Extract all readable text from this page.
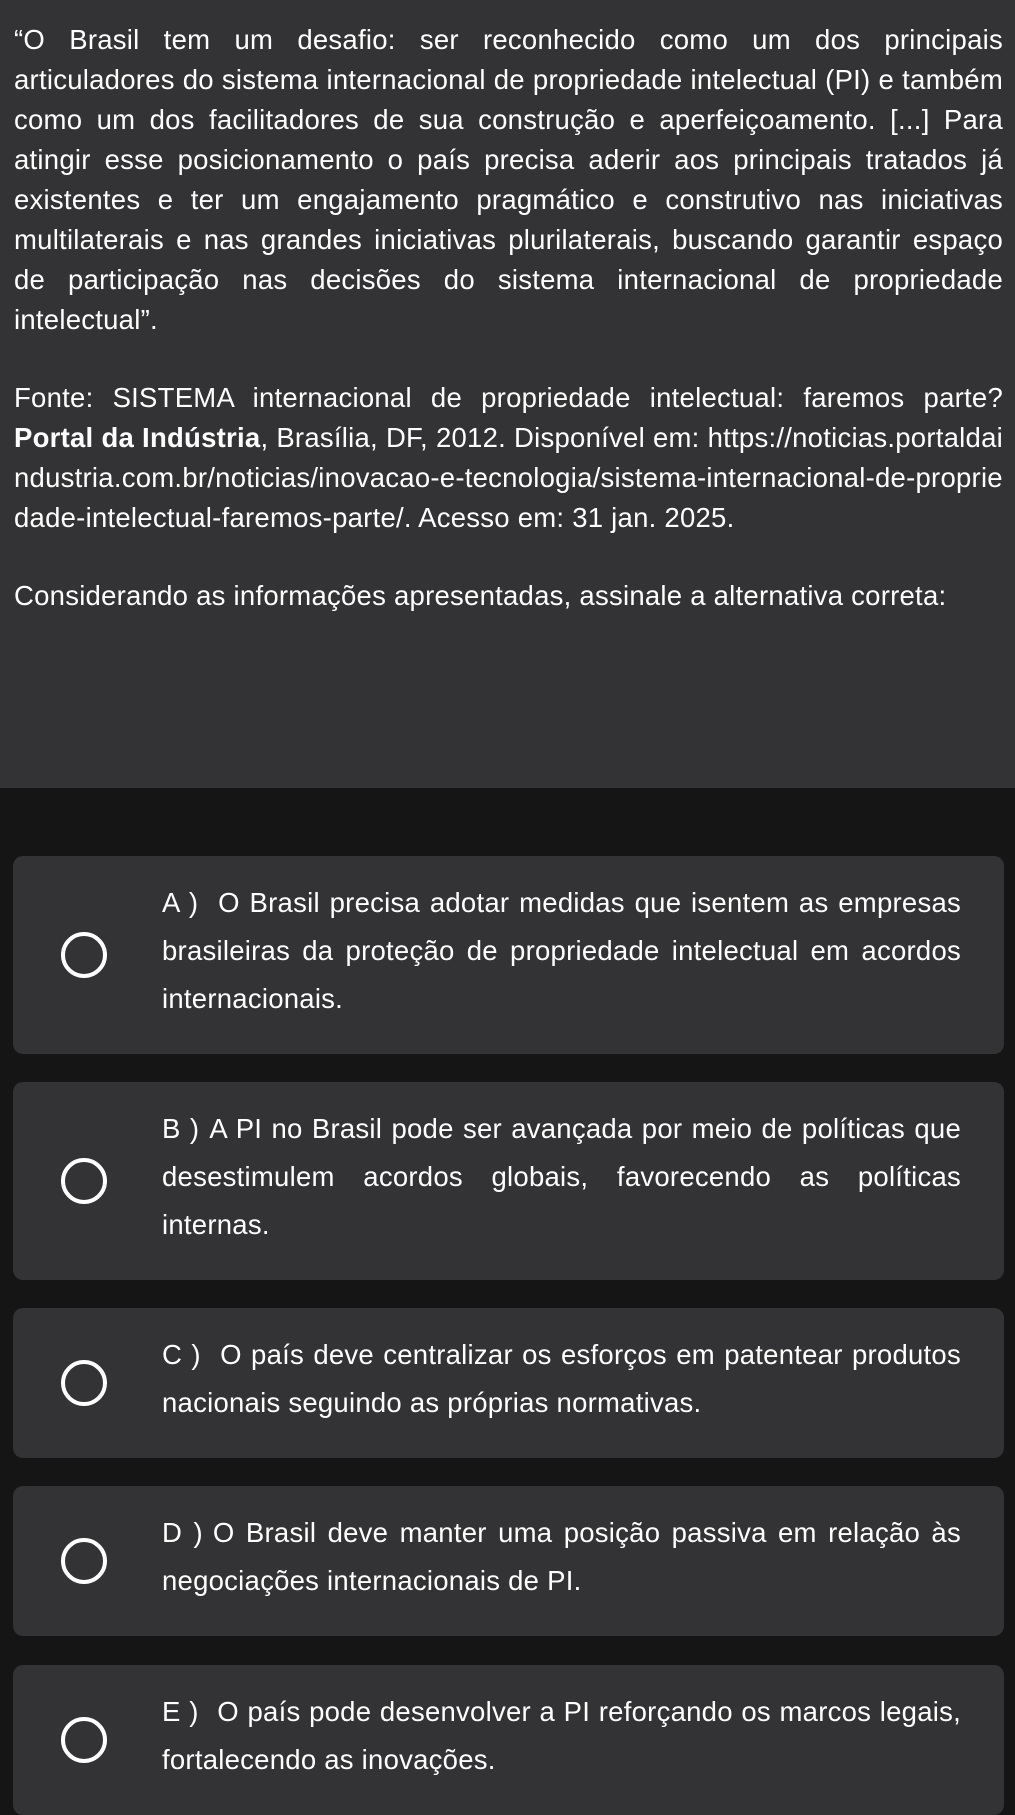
“O Brasil tem um desafio: ser reconhecido como um dos principais articuladores do sistema internacional de propriedade intelectual (PI) e também como um dos facilitadores de sua construção e aperfeiçoamento. [...] Para atingir esse posicionamento o país precisa aderir aos principais tratados já existentes e ter um engajamento pragmático e construtivo nas iniciativas multilaterais e nas grandes iniciativas plurilaterais, buscando garantir espaço de participação nas decisões do sistema internacional de propriedade intelectual”.

Fonte: SISTEMA internacional de propriedade intelectual: faremos parte? Portal da Indústria, Brasília, DF, 2012. Disponível em: https://noticias.portaldaindustria.com.br/noticias/inovacao-e-tecnologia/sistema-internacional-de-propriedade-intelectual-faremos-parte/. Acesso em: 31 jan. 2025.

Considerando as informações apresentadas, assinale a alternativa correta:

A ) O Brasil precisa adotar medidas que isentem as empresas brasileiras da proteção de propriedade intelectual em acordos internacionais.
B ) A PI no Brasil pode ser avançada por meio de políticas que desestimulem acordos globais, favorecendo as políticas internas.
C ) O país deve centralizar os esforços em patentear produtos nacionais seguindo as próprias normativas.
D ) O Brasil deve manter uma posição passiva em relação às negociações internacionais de PI.
E ) O país pode desenvolver a PI reforçando os marcos legais, fortalecendo as inovações.
